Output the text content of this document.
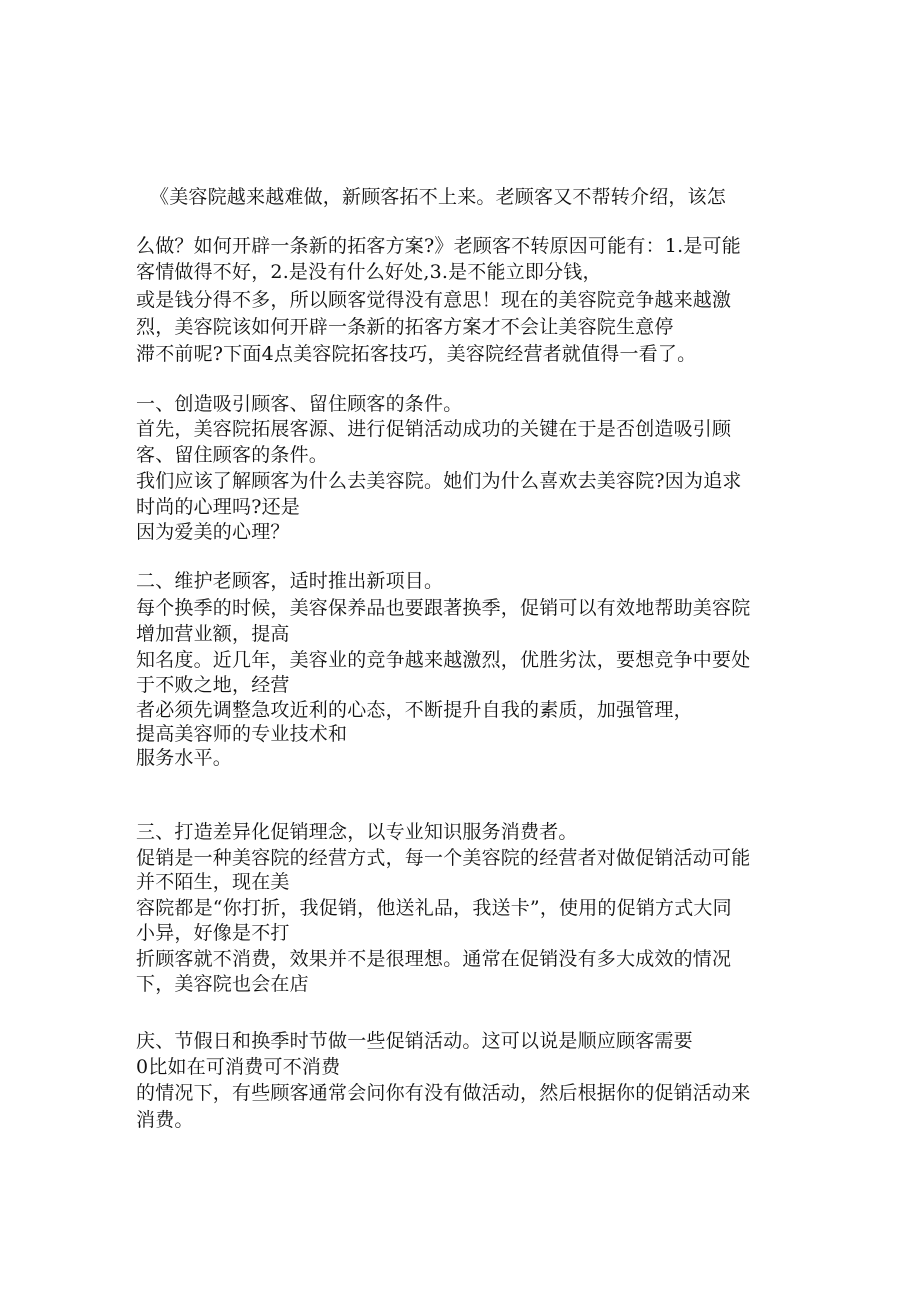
《美容院越来越难做，新顾客拓不上来。老顾客又不帮转介绍，该怎

么做？如何开辟一条新的拓客方案?》老顾客不转原因可能有：1.是可能

客情做得不好，2.是没有什么好处,3.是不能立即分钱，

或是钱分得不多，所以顾客觉得没有意思！现在的美容院竞争越来越激

烈，美容院该如何开辟一条新的拓客方案才不会让美容院生意停

滞不前呢?下面4点美容院拓客技巧，美容院经营者就值得一看了。

一、创造吸引顾客、留住顾客的条件。

首先，美容院拓展客源、进行促销活动成功的关键在于是否创造吸引顾

客、留住顾客的条件。

我们应该了解顾客为什么去美容院。她们为什么喜欢去美容院?因为追求

时尚的心理吗?还是

因为爱美的心理？

二、维护老顾客，适时推出新项目。

每个换季的时候，美容保养品也要跟著换季，促销可以有效地帮助美容院

增加营业额，提高

知名度。近几年，美容业的竞争越来越激烈，优胜劣汰，要想竞争中要处

于不败之地，经营

者必须先调整急攻近利的心态，不断提升自我的素质，加强管理，

提高美容师的专业技术和

服务水平。

三、打造差异化促销理念，以专业知识服务消费者。

促销是一种美容院的经营方式，每一个美容院的经营者对做促销活动可能

并不陌生，现在美

容院都是“你打折，我促销，他送礼品，我送卡”，使用的促销方式大同

小异，好像是不打

折顾客就不消费，效果并不是很理想。通常在促销没有多大成效的情况

下，美容院也会在店

庆、节假日和换季时节做一些促销活动。这可以说是顺应顾客需要

0比如在可消费可不消费

的情况下，有些顾客通常会问你有没有做活动，然后根据你的促销活动来

消费。
